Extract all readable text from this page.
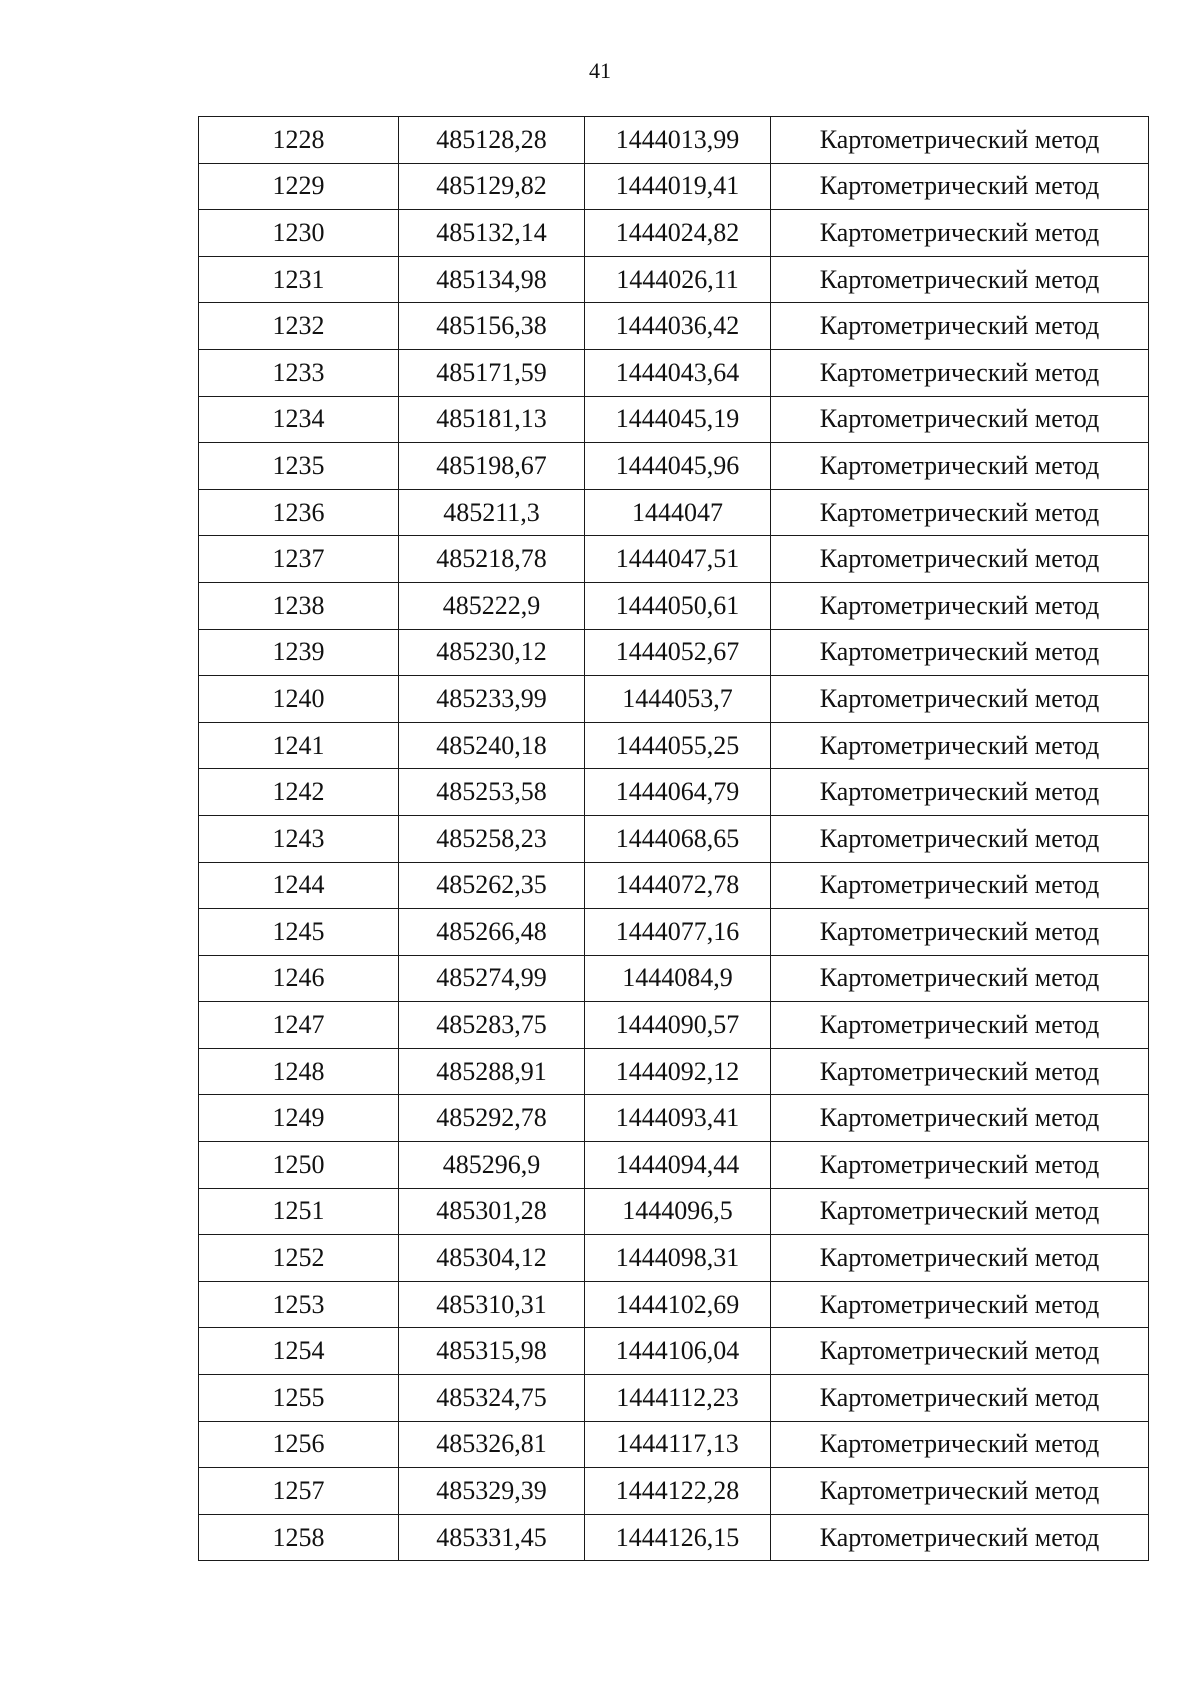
41
1228	485128,28	1444013,99	Картометрический метод
1229	485129,82	1444019,41	Картометрический метод
1230	485132,14	1444024,82	Картометрический метод
1231	485134,98	1444026,11	Картометрический метод
1232	485156,38	1444036,42	Картометрический метод
1233	485171,59	1444043,64	Картометрический метод
1234	485181,13	1444045,19	Картометрический метод
1235	485198,67	1444045,96	Картометрический метод
1236	485211,3	1444047	Картометрический метод
1237	485218,78	1444047,51	Картометрический метод
1238	485222,9	1444050,61	Картометрический метод
1239	485230,12	1444052,67	Картометрический метод
1240	485233,99	1444053,7	Картометрический метод
1241	485240,18	1444055,25	Картометрический метод
1242	485253,58	1444064,79	Картометрический метод
1243	485258,23	1444068,65	Картометрический метод
1244	485262,35	1444072,78	Картометрический метод
1245	485266,48	1444077,16	Картометрический метод
1246	485274,99	1444084,9	Картометрический метод
1247	485283,75	1444090,57	Картометрический метод
1248	485288,91	1444092,12	Картометрический метод
1249	485292,78	1444093,41	Картометрический метод
1250	485296,9	1444094,44	Картометрический метод
1251	485301,28	1444096,5	Картометрический метод
1252	485304,12	1444098,31	Картометрический метод
1253	485310,31	1444102,69	Картометрический метод
1254	485315,98	1444106,04	Картометрический метод
1255	485324,75	1444112,23	Картометрический метод
1256	485326,81	1444117,13	Картометрический метод
1257	485329,39	1444122,28	Картометрический метод
1258	485331,45	1444126,15	Картометрический метод
